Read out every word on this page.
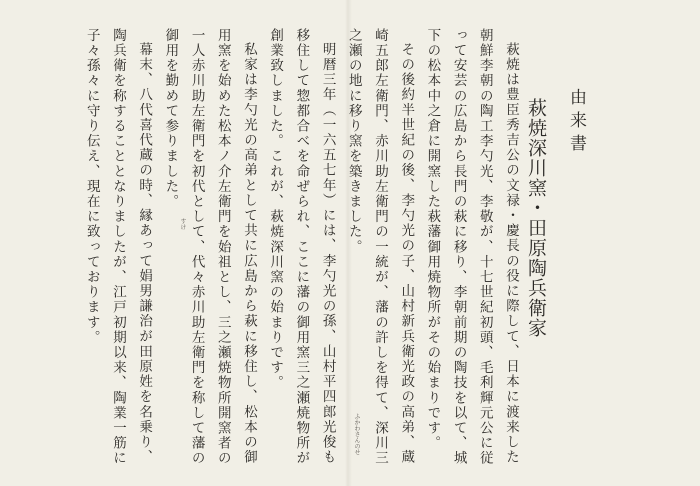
由来書
萩焼深川窯・田原陶兵衛家

萩焼は豊臣秀吉公の文禄・慶長の役に際して、日本に渡来した朝鮮李朝の陶工李勺光、李敬が、十七世紀初頭、毛利輝元公に従って安芸の広島から長門の萩に移り、李朝前期の陶技を以て、城下の松本中之倉に開窯した萩藩御用焼物所がその始まりです。

その後約半世紀の後、李勺光の子、山村新兵衛光政の高弟、蔵崎五郎左衛門、赤川助左衛門の一統が、藩の許しを得て、深川三之瀬の地に移り窯を築きました。

明暦三年（一六五七年）には、李勺光の孫、山村平四郎光俊も移住して惣都合べを命ぜられ、ここに藩の御用窯三之瀬焼物所が創業致しました。これが、萩焼深川窯の始まりです。

私家は李勺光の高弟として共に広島から萩に移住し、松本の御用窯を始めた松本ノ介左衛門を始祖とし、三之瀬焼物所開窯者の一人赤川助左衛門を初代として、代々赤川助左衛門を称して藩の御用を勤めて参りました。

幕末、八代喜代蔵の時、縁あって娟男謙治が田原姓を名乗り、陶兵衛を称することとなりましたが、江戸初期以来、陶業一筋に子々孫々に守り伝え、現在に致っております。

ふかわさんのせ
すけ
